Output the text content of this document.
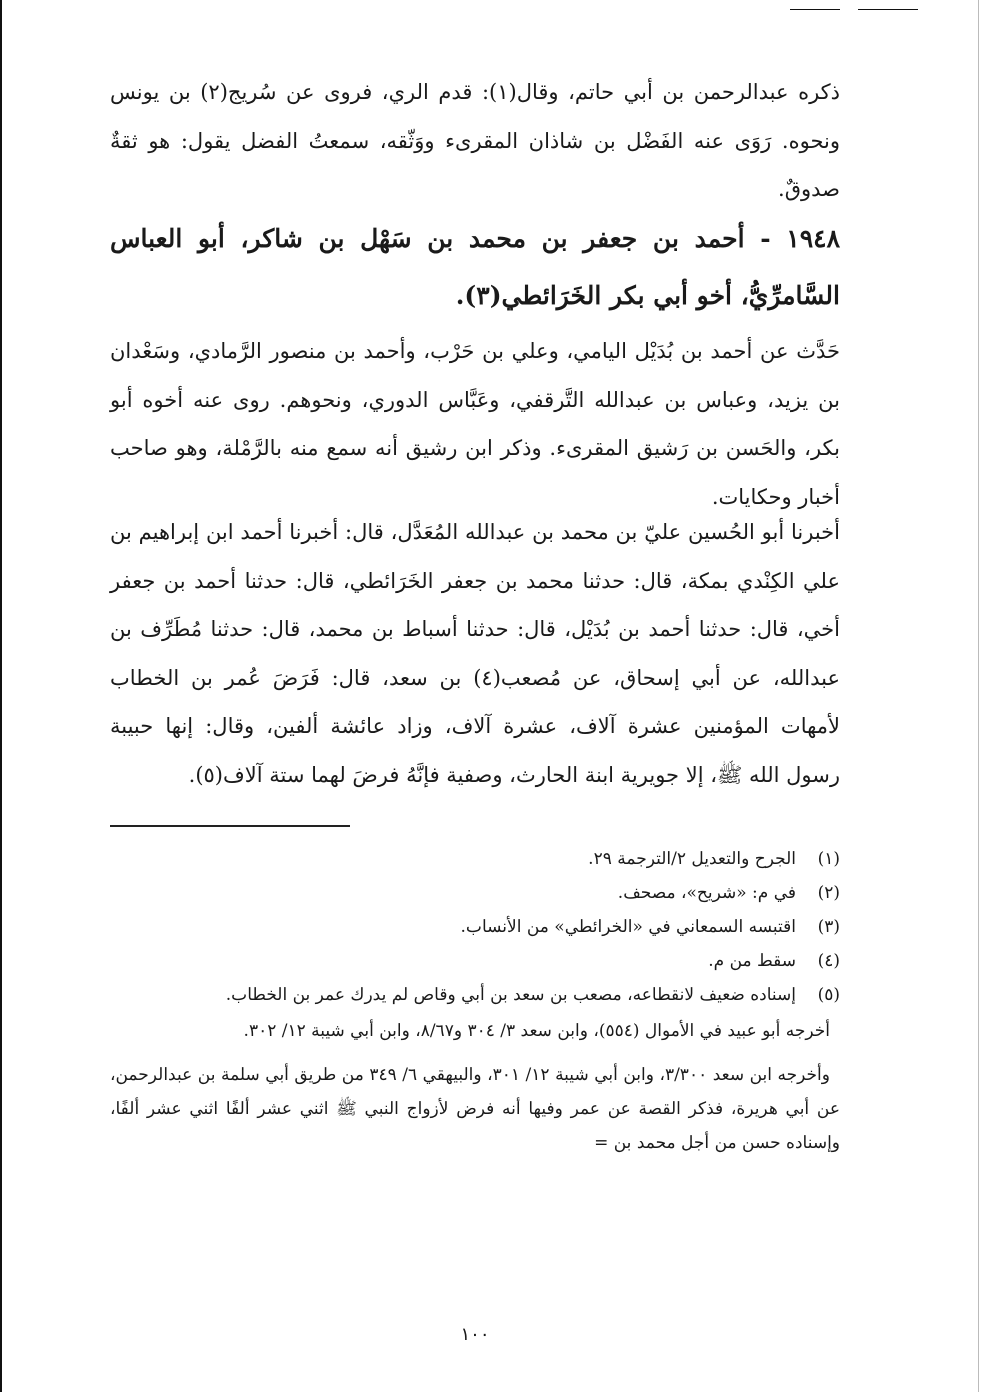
ذكره عبدالرحمن بن أبي حاتم، وقال(١): قدم الري، فروى عن سُريج(٢) بن يونس ونحوه. رَوَى عنه الفَضْل بن شاذان المقرىء ووَثّقه، سمعتُ الفضل يقول: هو ثقةٌ صدوقٌ.

١٩٤٨ - أحمد بن جعفر بن محمد بن سَهْل بن شاكر، أبو العباس السَّامرِّيُّ، أخو أبي بكر الخَرَائطي(٣).

حَدَّث عن أحمد بن بُدَيْل اليامي، وعلي بن حَرْب، وأحمد بن منصور الرَّمادي، وسَعْدان بن يزيد، وعباس بن عبدالله التَّرقفي، وعَبَّاس الدوري، ونحوهم. روى عنه أخوه أبو بكر، والحَسن بن رَشيق المقرىء. وذكر ابن رشيق أنه سمع منه بالرَّمْلة، وهو صاحب أخبار وحكايات.

أخبرنا أبو الحُسين عليّ بن محمد بن عبدالله المُعَدَّل، قال: أخبرنا أحمد ابن إبراهيم بن علي الكِنْدي بمكة، قال: حدثنا محمد بن جعفر الخَرَائطي، قال: حدثنا أحمد بن جعفر أخي، قال: حدثنا أحمد بن بُدَيْل، قال: حدثنا أسباط بن محمد، قال: حدثنا مُطَرِّف بن عبدالله، عن أبي إسحاق، عن مُصعب(٤) بن سعد، قال: فَرَضَ عُمر بن الخطاب لأمهات المؤمنين عشرة آلاف، عشرة آلاف، وزاد عائشة ألفين، وقال: إنها حبيبة رسول الله ﷺ، إلا جويرية ابنة الحارث، وصفية فإنَّهُ فرضَ لهما ستة آلاف(٥).

(١)
الجرح والتعديل ٢/الترجمة ٢٩.
(٢)
في م: «شريح»، مصحف.
(٣)
اقتبسه السمعاني في «الخرائطي» من الأنساب.
(٤)
سقط من م.
(٥)
إسناده ضعيف لانقطاعه، مصعب بن سعد بن أبي وقاص لم يدرك عمر بن الخطاب.
أخرجه أبو عبيد في الأموال (٥٥٤)، وابن سعد ٣/ ٣٠٤ و٨/٦٧، وابن أبي شيبة ١٢/ ٣٠٢.
وأخرجه ابن سعد ٣/٣٠٠، وابن أبي شيبة ١٢/ ٣٠١، والبيهقي ٦/ ٣٤٩ من طريق أبي سلمة بن عبدالرحمن، عن أبي هريرة، فذكر القصة عن عمر وفيها أنه فرض لأزواج النبي ﷺ اثني عشر ألفًا اثني عشر ألفًا، وإسناده حسن من أجل محمد بن =
١٠٠
